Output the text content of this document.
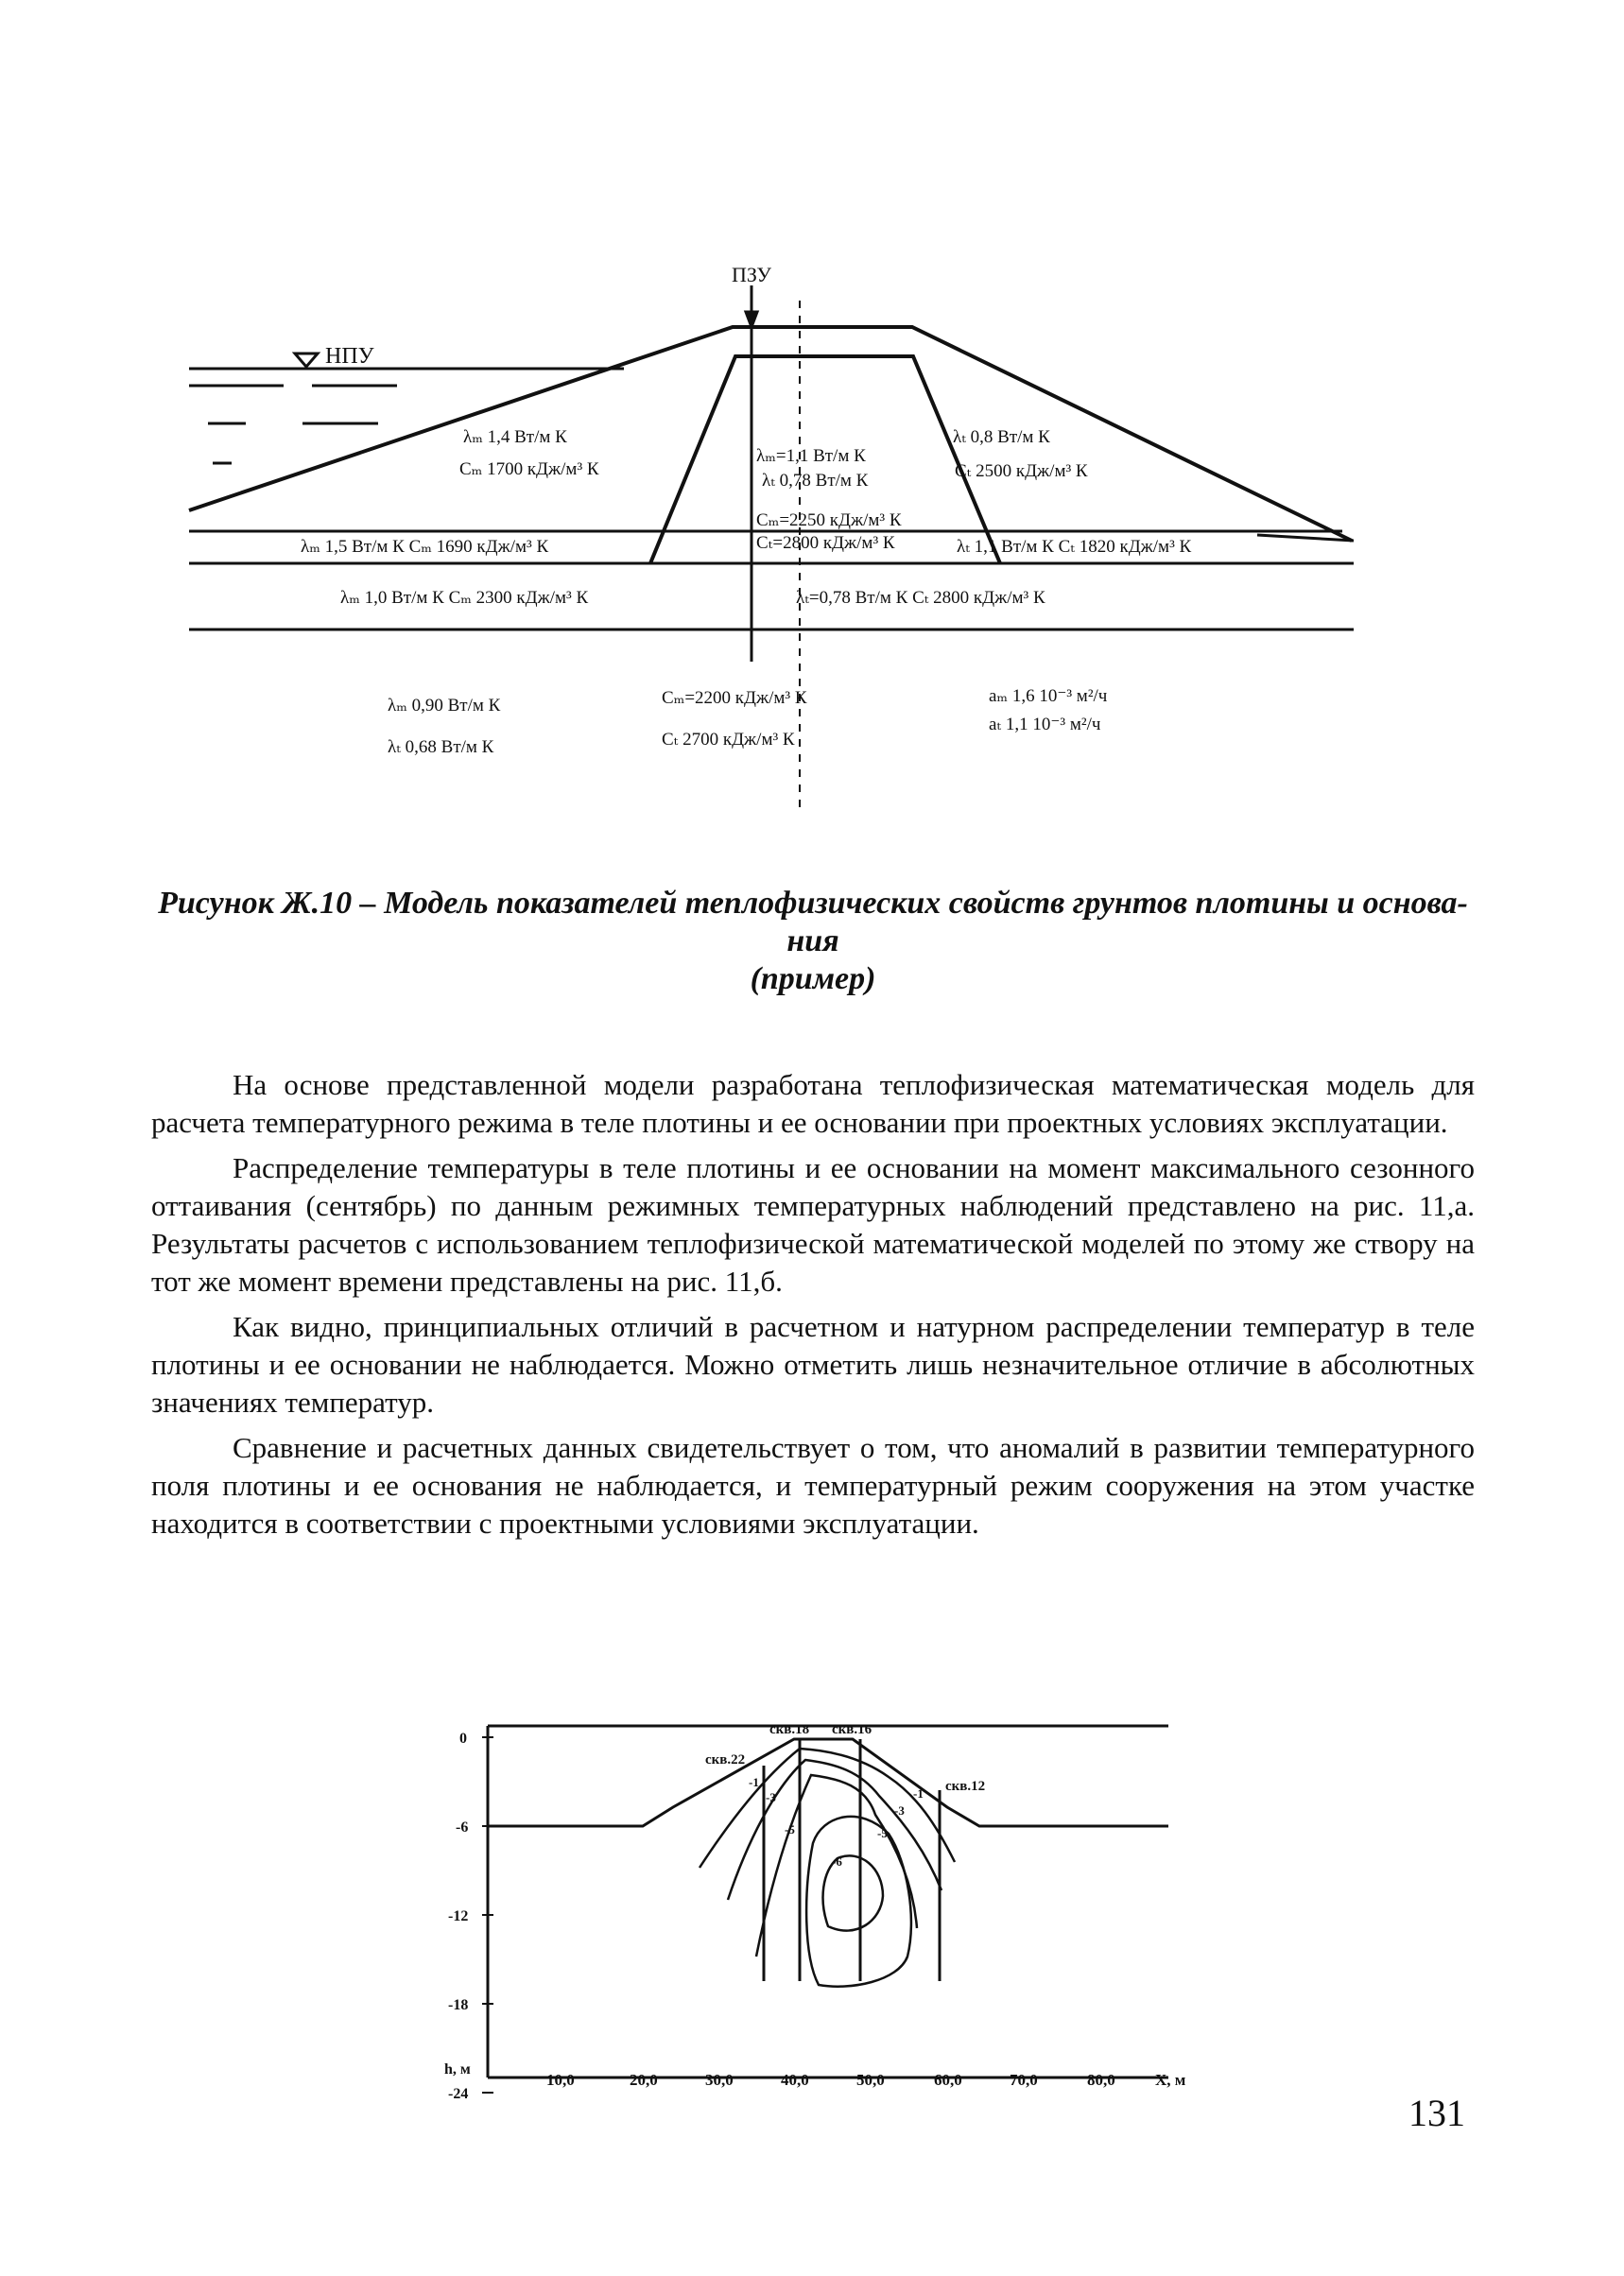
НПУ
ПЗУ
λₘ 1,4 Вт/м К
Cₘ 1700 кДж/м³ К
λₘ=1,1 Вт/м К
λₜ 0,78 Вт/м К
Cₘ=2250 кДж/м³ К
Cₜ=2800 кДж/м³ К
λₜ 0,8 Вт/м К
Cₜ 2500 кДж/м³ К
λₘ 1,5 Вт/м К Cₘ 1690 кДж/м³ К	λₜ 1,1 Вт/м К Cₜ 1820 кДж/м³ К
λₘ 1,0 Вт/м К Cₘ 2300 кДж/м³ К	λₜ=0,78 Вт/м К Cₜ 2800 кДж/м³ К
λₘ 0,90 Вт/м К
λₜ 0,68 Вт/м К
Cₘ=2200 кДж/м³ К
Cₜ 2700 кДж/м³ К
aₘ 1,6 10⁻³ м²/ч
aₜ 1,1 10⁻³ м²/ч
Рисунок Ж.10 – Модель показателей теплофизических свойств грунтов плотины и основа-
ния
(пример)

На основе представленной модели разработана теплофизическая математическая модель для расчета температурного режима в теле плотины и ее основании при проектных условиях эксплуатации.

Распределение температуры в теле плотины и ее основании на момент максимального сезонного оттаивания (сентябрь) по данным режимных температурных наблюдений представлено на рис. 11,а. Результаты расчетов с использованием теплофизической математической моделей по этому же створу на тот же момент времени представлены на рис. 11,б.

Как видно, принципиальных отличий в расчетном и натурном распределении температур в теле плотины и ее основании не наблюдается. Можно отметить лишь незначительное отличие в абсолютных значениях температур.

Сравнение и расчетных данных свидетельствует о том, что аномалий в развитии температурного поля плотины и ее основания не наблюдается, и температурный режим сооружения на этом участке находится в соответствии с проектными условиями эксплуатации.

0
-6
-12
-18
-24
h, м
10,0	20,0	30,0	40,0	50,0	60,0	70,0	80,0 X, м
скв.22
скв.18 скв.16
скв.12
-1
-3
-5
-6
-5
-3
-1
131
